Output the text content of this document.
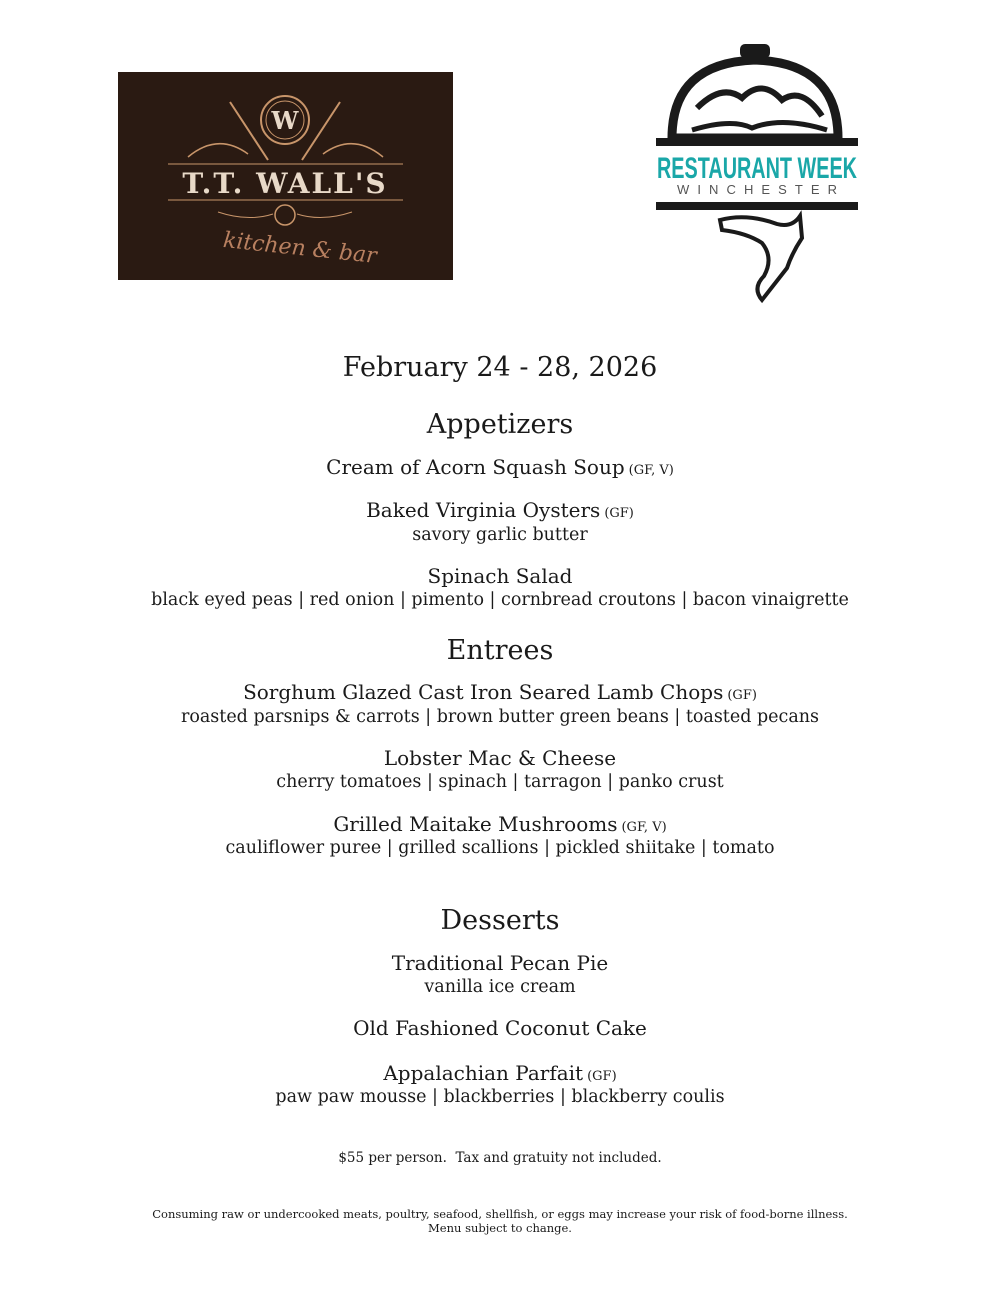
W
T.T. WALL'S
kitchen & bar
RESTAURANT WEEK
WINCHESTER
February 24 - 28, 2026
Appetizers
Cream of Acorn Squash Soup (GF, V)
Baked Virginia Oysters (GF)
savory garlic butter
Spinach Salad
black eyed peas | red onion | pimento | cornbread croutons | bacon vinaigrette
Entrees
Sorghum Glazed Cast Iron Seared Lamb Chops (GF)
roasted parsnips & carrots | brown butter green beans | toasted pecans
Lobster Mac & Cheese
cherry tomatoes | spinach | tarragon | panko crust
Grilled Maitake Mushrooms (GF, V)
cauliflower puree | grilled scallions | pickled shiitake | tomato
Desserts
Traditional Pecan Pie
vanilla ice cream
Old Fashioned Coconut Cake
Appalachian Parfait (GF)
paw paw mousse | blackberries | blackberry coulis
$55 per person.  Tax and gratuity not included.
Consuming raw or undercooked meats, poultry, seafood, shellfish, or eggs may increase your risk of food-borne illness.
Menu subject to change.
